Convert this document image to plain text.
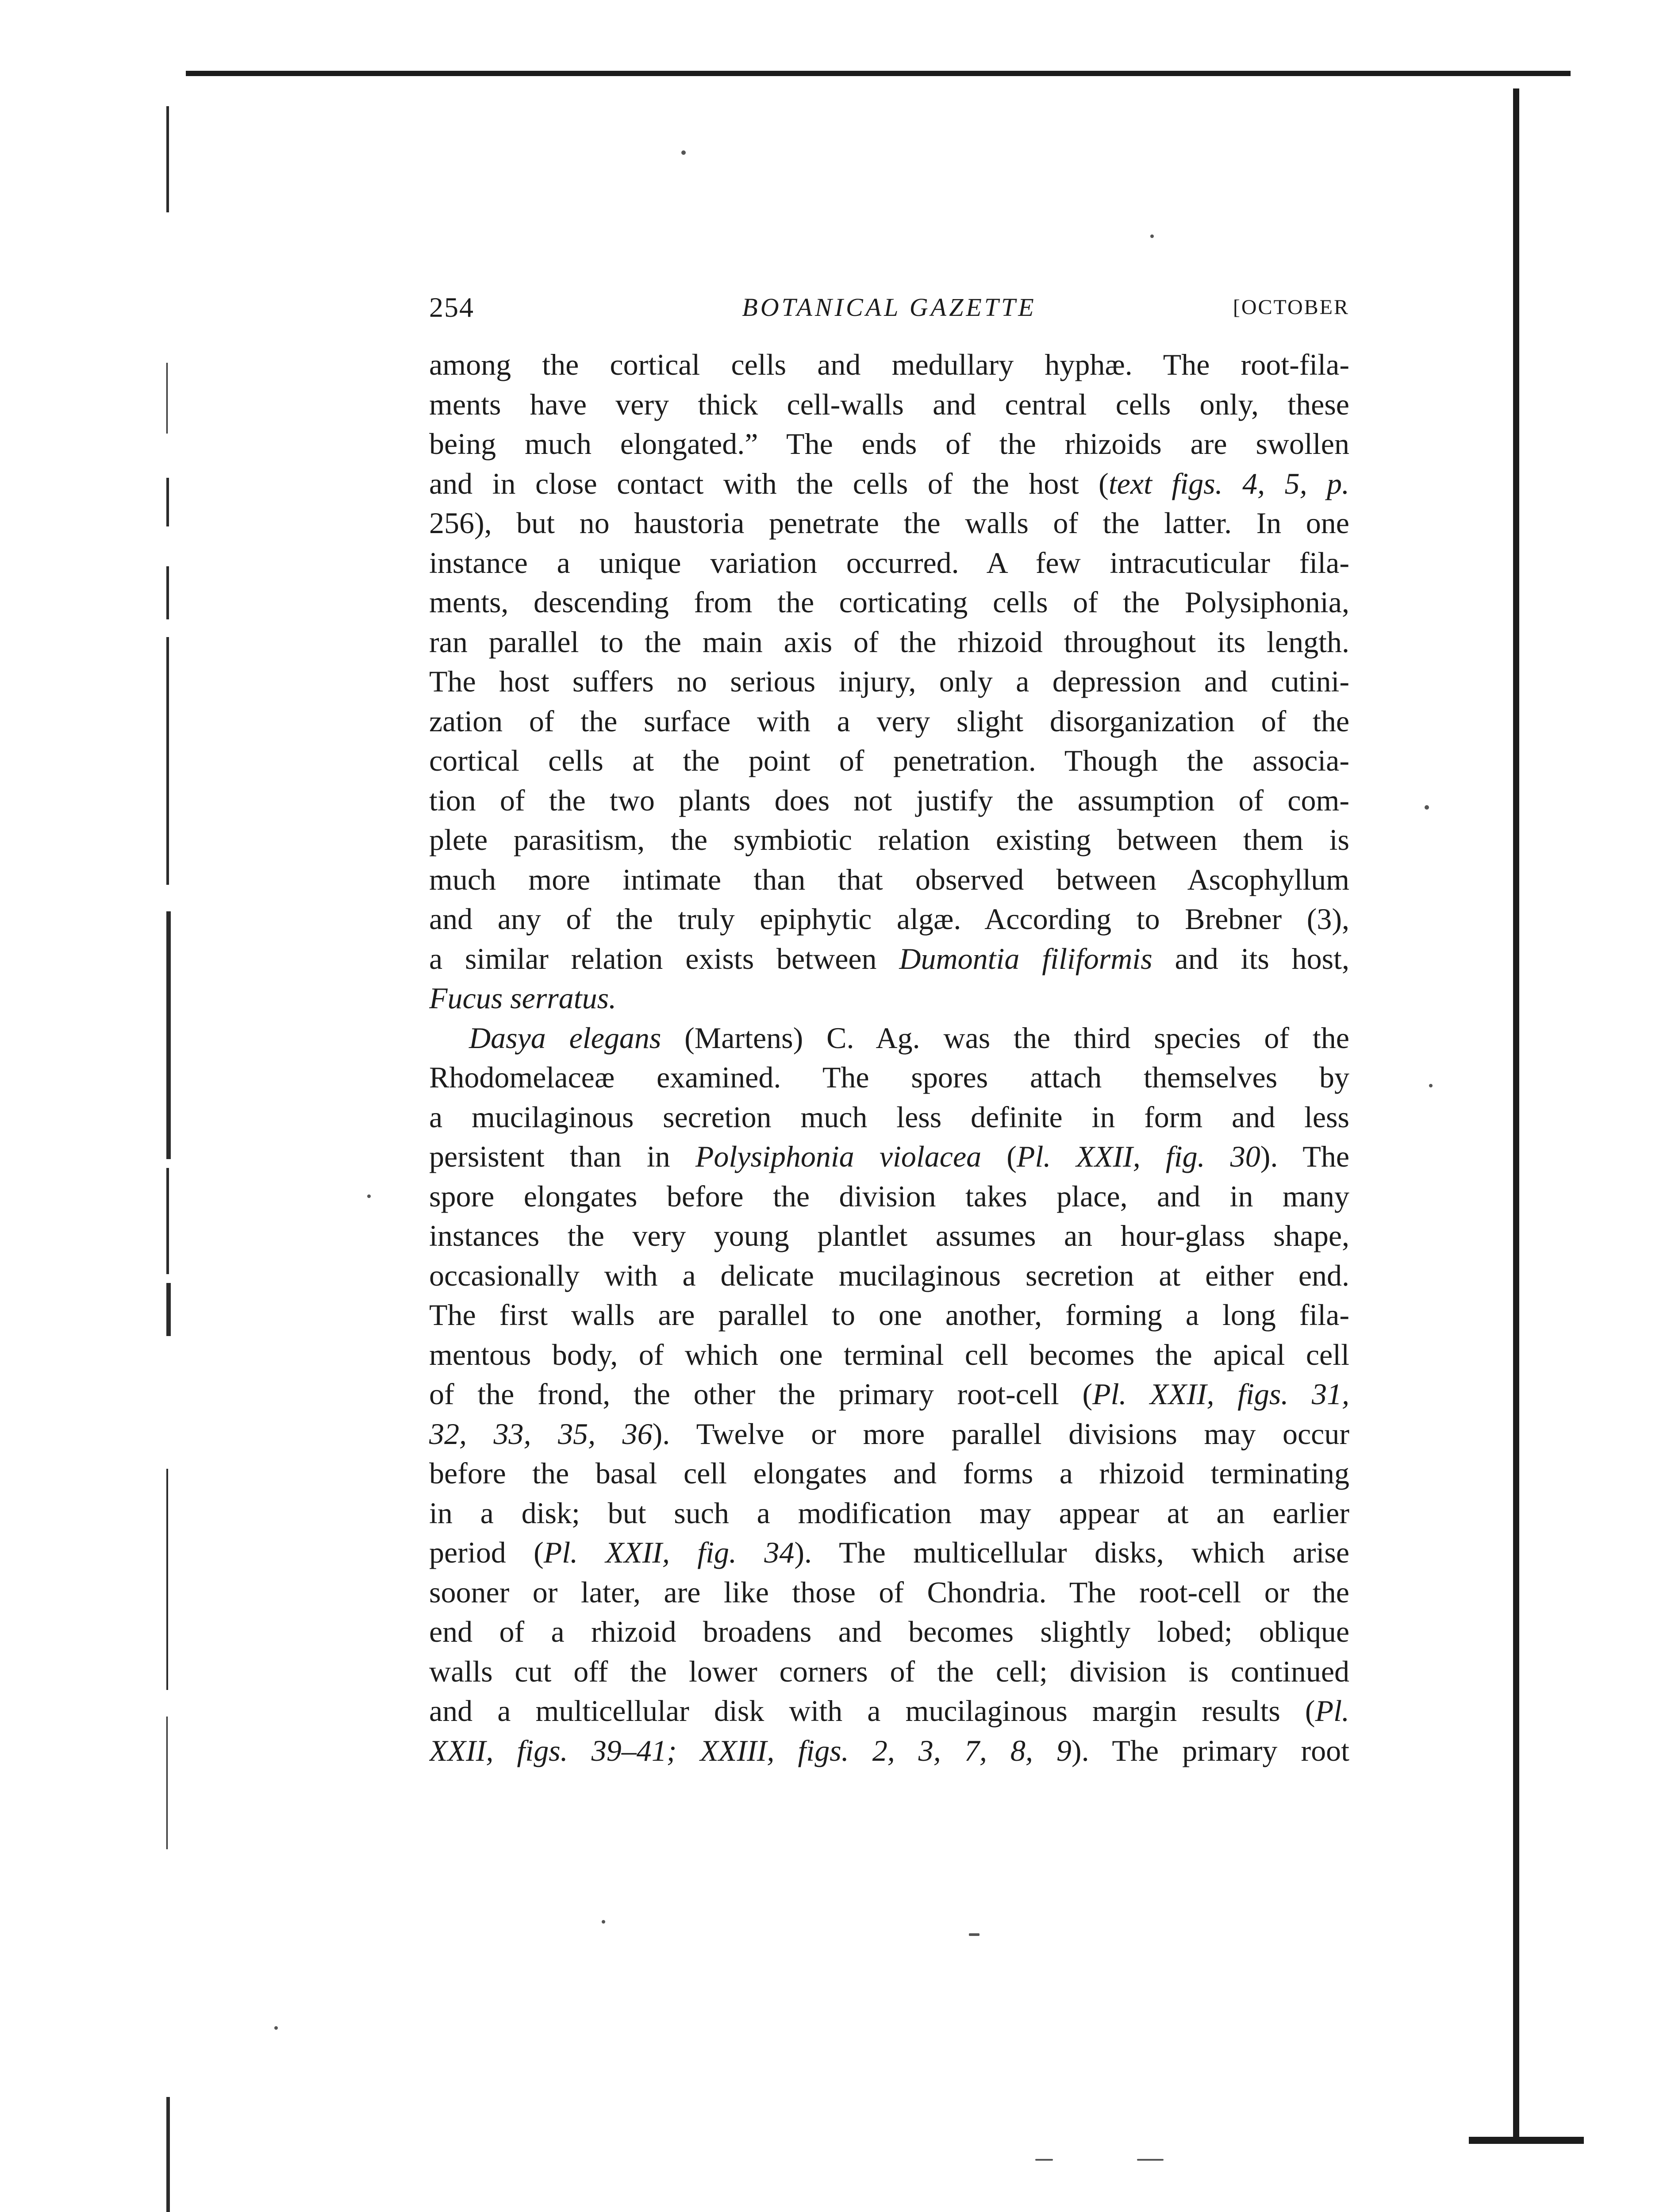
254	BOTANICAL GAZETTE	[OCTOBER
among the cortical cells and medullary hyphæ. The root-fila-
ments have very thick cell-walls and central cells only, these
being much elongated.” The ends of the rhizoids are swollen
and in close contact with the cells of the host (text figs. 4, 5, p.
256), but no haustoria penetrate the walls of the latter. In one
instance a unique variation occurred. A few intracuticular fila-
ments, descending from the corticating cells of the Polysiphonia,
ran parallel to the main axis of the rhizoid throughout its length.
The host suffers no serious injury, only a depression and cutini-
zation of the surface with a very slight disorganization of the
cortical cells at the point of penetration. Though the associa-
tion of the two plants does not justify the assumption of com-
plete parasitism, the symbiotic relation existing between them is
much more intimate than that observed between Ascophyllum
and any of the truly epiphytic algæ. According to Brebner (3),
a similar relation exists between Dumontia filiformis and its host,
Fucus serratus.
Dasya elegans (Martens) C. Ag. was the third species of the
Rhodomelaceæ examined. The spores attach themselves by
a mucilaginous secretion much less definite in form and less
persistent than in Polysiphonia violacea (Pl. XXII, fig. 30). The
spore elongates before the division takes place, and in many
instances the very young plantlet assumes an hour-glass shape,
occasionally with a delicate mucilaginous secretion at either end.
The first walls are parallel to one another, forming a long fila-
mentous body, of which one terminal cell becomes the apical cell
of the frond, the other the primary root-cell (Pl. XXII, figs. 31,
32, 33, 35, 36). Twelve or more parallel divisions may occur
before the basal cell elongates and forms a rhizoid terminating
in a disk; but such a modification may appear at an earlier
period (Pl. XXII, fig. 34). The multicellular disks, which arise
sooner or later, are like those of Chondria. The root-cell or the
end of a rhizoid broadens and becomes slightly lobed; oblique
walls cut off the lower corners of the cell; division is continued
and a multicellular disk with a mucilaginous margin results (Pl.
XXII, figs. 39–41; XXIII, figs. 2, 3, 7, 8, 9). The primary root
